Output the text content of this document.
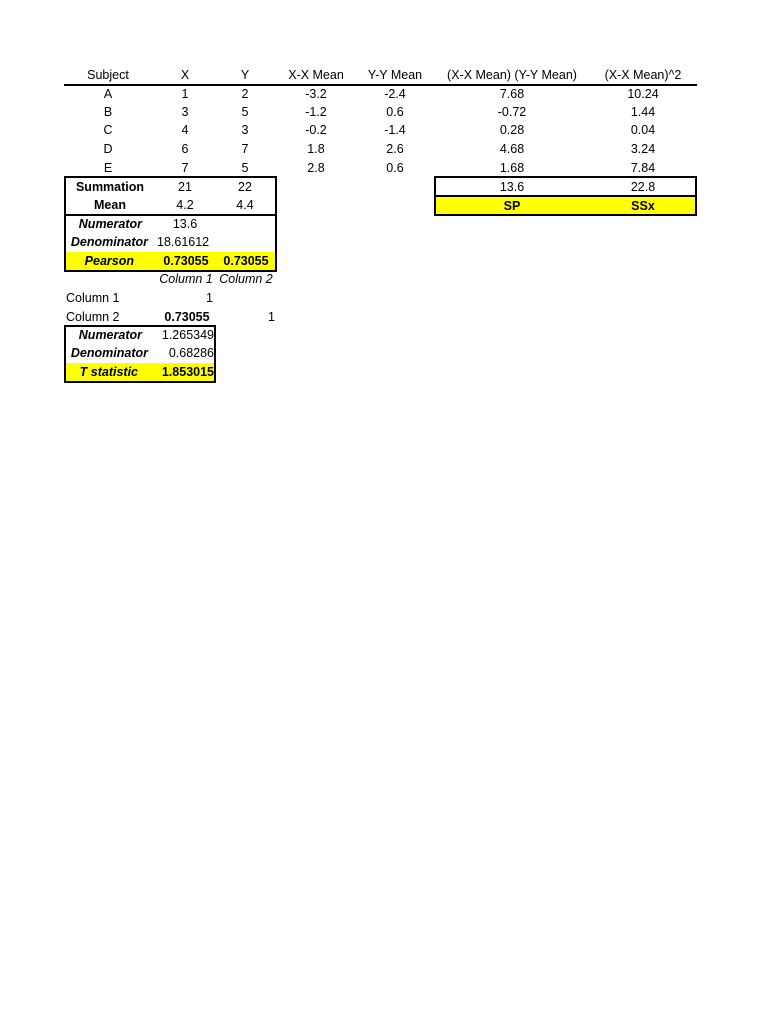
Subject	X	Y	X-X Mean	Y-Y Mean	(X-X Mean) (Y-Y Mean)	(X-X Mean)^2
A	1	2	-3.2	-2.4	7.68	10.24
B	3	5	-1.2	0.6	-0.72	1.44
C	4	3	-0.2	-1.4	0.28	0.04
D	6	7	1.8	2.6	4.68	3.24
E	7	5	2.8	0.6	1.68	7.84
Summation	21	22
Mean	4.2	4.4
13.6	22.8
SP	SSx
Numerator	13.6
Denominator 18.61612
Pearson	0.73055	0.73055
Column 1 Column 2
Column 1	1
Column 2	0.73055	1
Numerator	1.265349
Denominator	0.68286
T statistic	1.853015
